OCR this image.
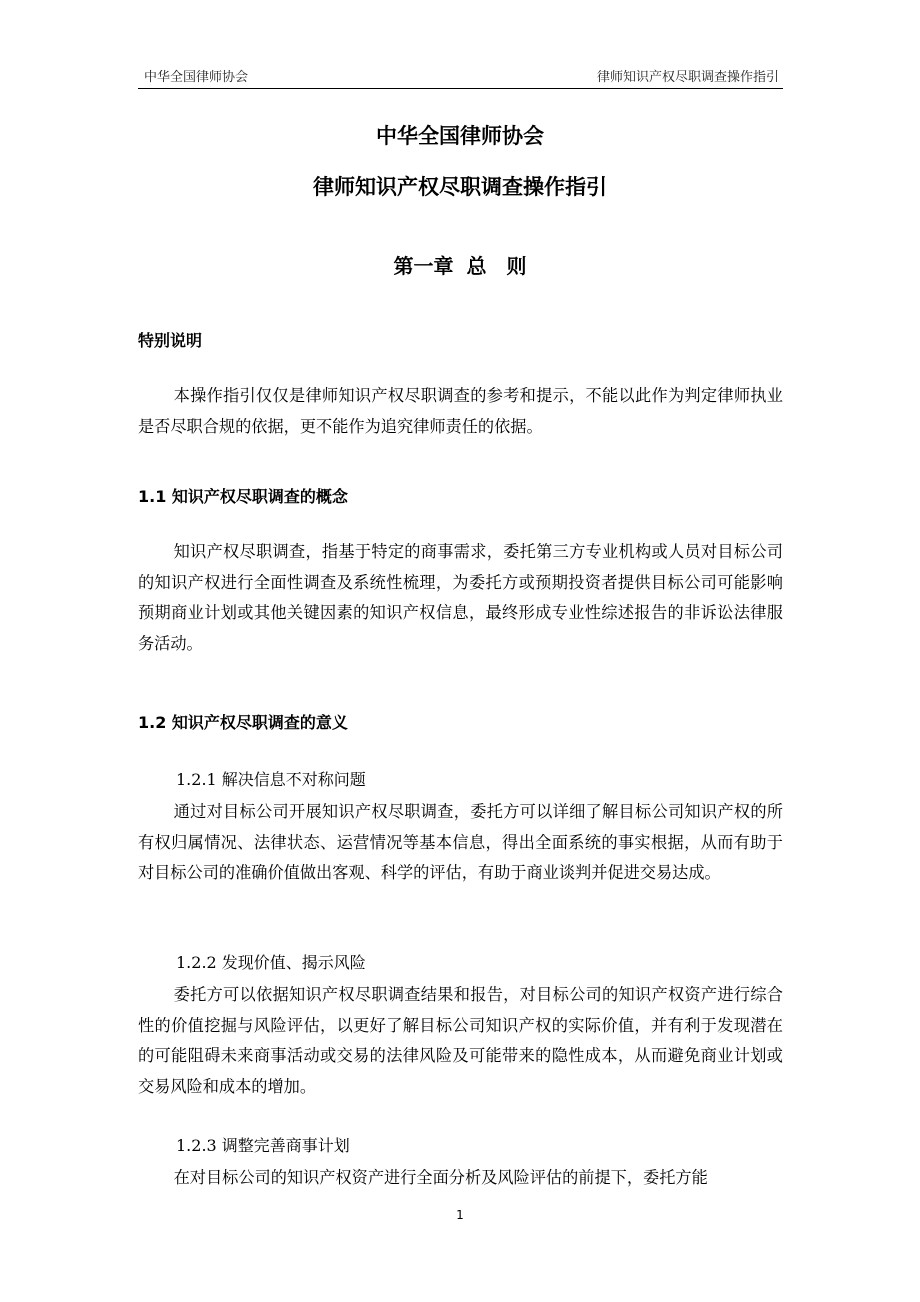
中华全国律师协会	律师知识产权尽职调查操作指引
中华全国律师协会
律师知识产权尽职调查操作指引
第一章 总　则
特别说明
本操作指引仅仅是律师知识产权尽职调查的参考和提示，不能以此作为判定律师执业是否尽职合规的依据，更不能作为追究律师责任的依据。
1.1 知识产权尽职调查的概念
知识产权尽职调查，指基于特定的商事需求，委托第三方专业机构或人员对目标公司的知识产权进行全面性调查及系统性梳理，为委托方或预期投资者提供目标公司可能影响预期商业计划或其他关键因素的知识产权信息，最终形成专业性综述报告的非诉讼法律服务活动。
1.2 知识产权尽职调查的意义
1.2.1 解决信息不对称问题
通过对目标公司开展知识产权尽职调查，委托方可以详细了解目标公司知识产权的所有权归属情况、法律状态、运营情况等基本信息，得出全面系统的事实根据，从而有助于对目标公司的准确价值做出客观、科学的评估，有助于商业谈判并促进交易达成。
1.2.2 发现价值、揭示风险
委托方可以依据知识产权尽职调查结果和报告，对目标公司的知识产权资产进行综合性的价值挖掘与风险评估，以更好了解目标公司知识产权的实际价值，并有利于发现潜在的可能阻碍未来商事活动或交易的法律风险及可能带来的隐性成本，从而避免商业计划或交易风险和成本的增加。
1.2.3 调整完善商事计划
在对目标公司的知识产权资产进行全面分析及风险评估的前提下，委托方能
1
